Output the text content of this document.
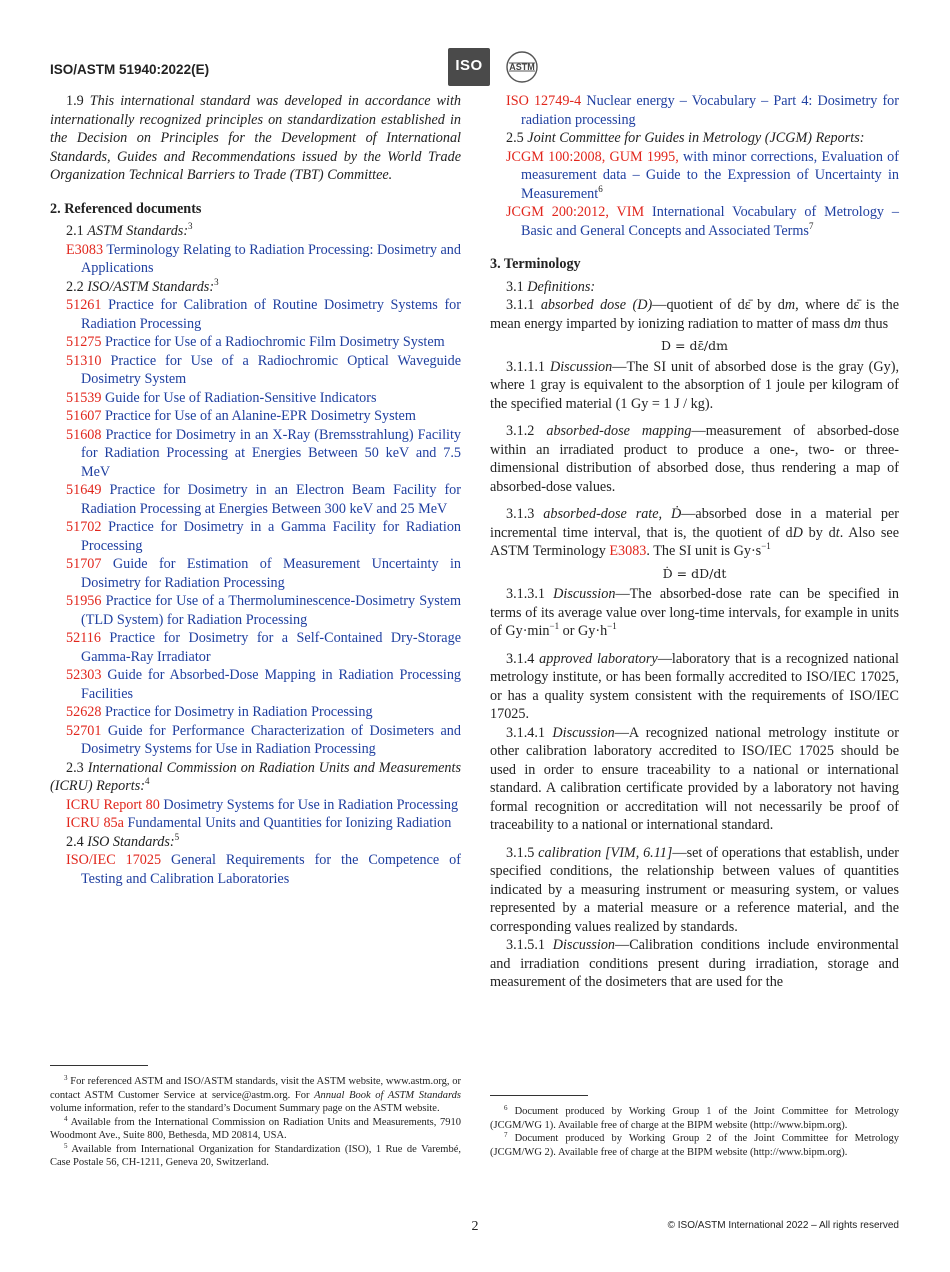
ISO/ASTM 51940:2022(E)	ISO	ASTM

1.9 This international standard was developed in accordance with internationally recognized principles on standardization established in the Decision on Principles for the Development of International Standards, Guides and Recommendations issued by the World Trade Organization Technical Barriers to Trade (TBT) Committee.

2. Referenced documents

2.1 ASTM Standards:$^3$

E3083 Terminology Relating to Radiation Processing: Dosimetry and Applications

2.2 ISO/ASTM Standards:$^3$

51261 Practice for Calibration of Routine Dosimetry Systems for Radiation Processing

51275 Practice for Use of a Radiochromic Film Dosimetry System

51310 Practice for Use of a Radiochromic Optical Waveguide Dosimetry System

51539 Guide for Use of Radiation-Sensitive Indicators

51607 Practice for Use of an Alanine-EPR Dosimetry System

51608 Practice for Dosimetry in an X-Ray (Bremsstrahlung) Facility for Radiation Processing at Energies Between 50 keV and 7.5 MeV

51649 Practice for Dosimetry in an Electron Beam Facility for Radiation Processing at Energies Between 300 keV and 25 MeV

51702 Practice for Dosimetry in a Gamma Facility for Radiation Processing

51707 Guide for Estimation of Measurement Uncertainty in Dosimetry for Radiation Processing

51956 Practice for Use of a Thermoluminescence-Dosimetry System (TLD System) for Radiation Processing

52116 Practice for Dosimetry for a Self-Contained Dry-Storage Gamma-Ray Irradiator

52303 Guide for Absorbed-Dose Mapping in Radiation Processing Facilities

52628 Practice for Dosimetry in Radiation Processing

52701 Guide for Performance Characterization of Dosimeters and Dosimetry Systems for Use in Radiation Processing

2.3 International Commission on Radiation Units and Measurements (ICRU) Reports:$^4$

ICRU Report 80 Dosimetry Systems for Use in Radiation Processing

ICRU 85a Fundamental Units and Quantities for Ionizing Radiation

2.4 ISO Standards:$^5$

ISO/IEC 17025 General Requirements for the Competence of Testing and Calibration Laboratories

ISO 12749-4 Nuclear energy – Vocabulary – Part 4: Dosimetry for radiation processing

2.5 Joint Committee for Guides in Metrology (JCGM) Reports:

JCGM 100:2008, GUM 1995, with minor corrections, Evaluation of measurement data – Guide to the Expression of Uncertainty in Measurement$^6$

JCGM 200:2012, VIM International Vocabulary of Metrology – Basic and General Concepts and Associated Terms$^7$

3. Terminology

3.1 Definitions:

3.1.1 absorbed dose (D)—quotient of dε̄ by dm, where dε̄ is the mean energy imparted by ionizing radiation to matter of mass dm thus

D = dε̄/dm

3.1.1.1 Discussion—The SI unit of absorbed dose is the gray (Gy), where 1 gray is equivalent to the absorption of 1 joule per kilogram of the specified material (1 Gy = 1 J / kg).

3.1.2 absorbed-dose mapping—measurement of absorbed-dose within an irradiated product to produce a one-, two- or three-dimensional distribution of absorbed dose, thus rendering a map of absorbed-dose values.

3.1.3 absorbed-dose rate, Ḋ—absorbed dose in a material per incremental time interval, that is, the quotient of dD by dt. Also see ASTM Terminology E3083. The SI unit is $Gy\cdot s^{-1}$

Ḋ = dD/dt

3.1.3.1 Discussion—The absorbed-dose rate can be specified in terms of its average value over long-time intervals, for example in units of $Gy\cdot\min^{-1}$ or $Gy\cdot h^{-1}$

3.1.4 approved laboratory—laboratory that is a recognized national metrology institute, or has been formally accredited to ISO/IEC 17025, or has a quality system consistent with the requirements of ISO/IEC 17025.

3.1.4.1 Discussion—A recognized national metrology institute or other calibration laboratory accredited to ISO/IEC 17025 should be used in order to ensure traceability to a national or international standard. A calibration certificate provided by a laboratory not having formal recognition or accreditation will not necessarily be proof of traceability to a national or international standard.

3.1.5 calibration [VIM, 6.11]—set of operations that establish, under specified conditions, the relationship between values of quantities indicated by a measuring instrument or measuring system, or values represented by a material measure or a reference material, and the corresponding values realized by standards.

3.1.5.1 Discussion—Calibration conditions include environmental and irradiation conditions present during irradiation, storage and measurement of the dosimeters that are used for the

$^3$ For referenced ASTM and ISO/ASTM standards, visit the ASTM website, www.astm.org, or contact ASTM Customer Service at service@astm.org. For Annual Book of ASTM Standards volume information, refer to the standard’s Document Summary page on the ASTM website.

$^4$ Available from the International Commission on Radiation Units and Measurements, 7910 Woodmont Ave., Suite 800, Bethesda, MD 20814, USA.

$^5$ Available from International Organization for Standardization (ISO), 1 Rue de Varembé, Case Postale 56, CH-1211, Geneva 20, Switzerland.

$^6$ Document produced by Working Group 1 of the Joint Committee for Metrology (JCGM/WG 1). Available free of charge at the BIPM website (http://www.bipm.org).

$^7$ Document produced by Working Group 2 of the Joint Committee for Metrology (JCGM/WG 2). Available free of charge at the BIPM website (http://www.bipm.org).

2	© ISO/ASTM International 2022 – All rights reserved
